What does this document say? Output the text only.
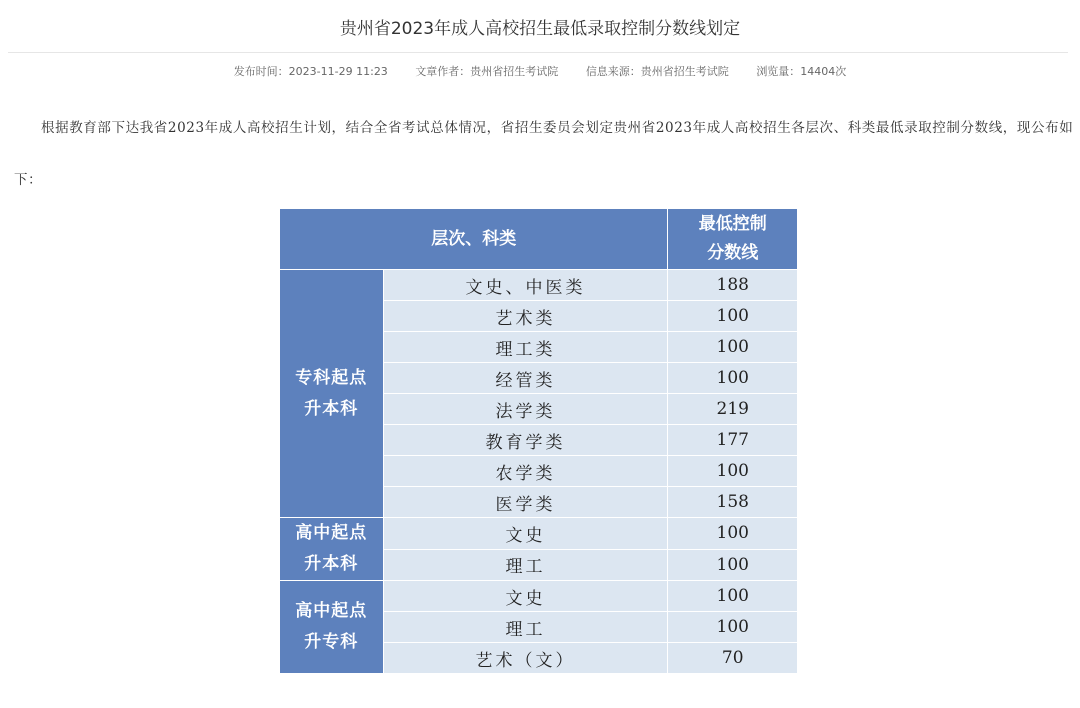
贵州省2023年成人高校招生最低录取控制分数线划定
发布时间：2023-11-29 11:23	文章作者：贵州省招生考试院	信息来源：贵州省招生考试院	浏览量：14404次
根据教育部下达我省2023年成人高校招生计划，结合全省考试总体情况，省招生委员会划定贵州省2023年成人高校招生各层次、科类最低录取控制分数线，现公布如下：
层次、科类		最低控制
分数线

专科起点
升本科	文史、中医类	188
	艺术类	100
	理工类	100
	经管类	100
	法学类	219
	教育学类	177
	农学类	100
	医学类	158

高中起点
升本科	文史	100
	理工	100

高中起点
升专科	文史	100
	理工	100
	艺术（文）	70
